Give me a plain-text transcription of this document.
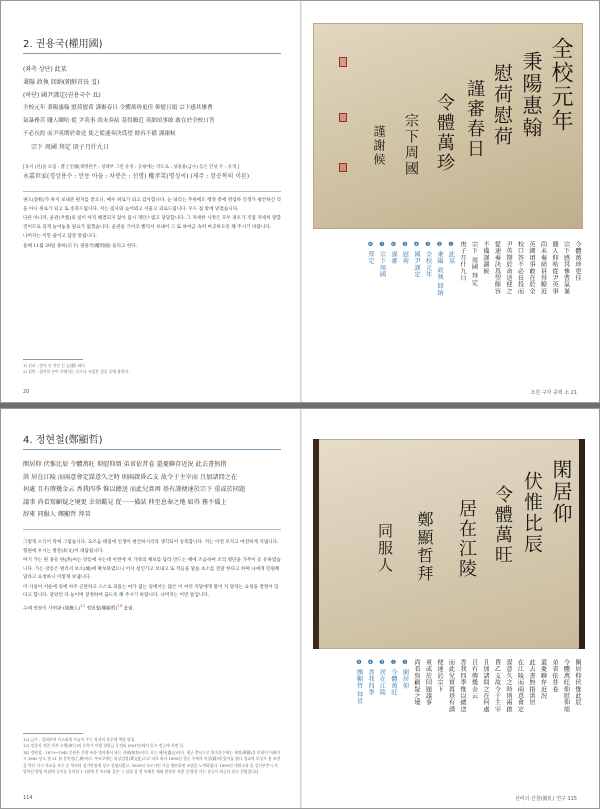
2. 권용국(權用國)
(좌측 상단) 此某
秉陽 政執 回納(朝鮮首長 집)
(하단) 國尹謹定(권용국수 표)
全校元年 秉陽惠翰 慰荷慰荷 謹審春日 令體萬珍更佳 仰慰且頌 宗下感其慘曹
氣暴務苦 賤人啣哈 從 尹英事 尚未奏結 基得瞭近 英細頃事敢 敢在於全校口答
不必長投 而尹英期於命送 使之從速奏決爲望 餘容不備 謹謝候
宗下 周國 拜定 庚子月什九日
[육서 (선)을 모집 : 蒼上至國(제병관주 : 성태부 그런 유성 : 공평에는 약도로 : 성용용(금수) 동은 안녕 두 : 유개 ]
永嘉世家(경상용수 : 안동 아을 : 차봉은 : 선명) 權孝笑(명성씨) (제주 : 참공복의 이른)

권오(金校)가 하지 보내준 편지를 받으니, 매우 위로가 되고 감사합니다. 눈 내리는 추위에도 행정 총에 영업하 인생가 평안하신 것을 아니 위로가 되고 또 송축드립니다. 저는 집사와 늦어뵈고 서울고 괴로드립니다. 우드 집 밖에 맡겼습니다.

다른 아니라, 윤관(尹寬)의 일이 아직 해결되지 않아 몸시 개탄스럽고 당당합니다. 그 자세한 사정은 모두 권오가 직접 자세히 말할 것이므로 길게 늘어놓을 필요가 없겠습니다. 윤관을 기어코 빨리서 보내어 그 또 하여금 속히 마공하도록 해 주시기 바랍니다.

나머지는 이만 줄이고 답장 알립니다.

올해 11월 29일 종하(宗下) 권용국(權用國) 올리고 한다.

1) 선교 : 정사 선 적인 긴 급(要) 하다.
2) 결만 : 집이의 손이 주에서는 끈으나 서있은 집을 곳에 용한다.
20	조원 구자 종택 소 21
全校元年
秉陽惠翰
慰荷慰荷
謹審春日
令體萬珍
宗下周國
謹謝候
令體萬珍更佳
宗下感其慘曹氣暴
賤人仰哈從尹英事
尚未奏結甚得瞭近
英細頃事敢在於全
校口答不必長投而
尹英期於命送使之
從速奏決爲望餘容
不備謹謝候
宗下 周國 拜定
庚子月什九日
❶ 此某
❷ 秉陽 政執 回納
❸ 全校元年
❹ 國尹謹定
❺ 慰荷
❻ 謹審
❼ 宗下周國
❽ 拜定
4. 정현철(鄭顯哲)
閑居仰 伏惟比辰 令體萬旺 仰慰仰頌 弟省依昔卷 還憂聊存近況 此去書無措
洪 居在江陵 而兩意會定謀意久之時 則兩啟昏乙支 故令于主宰而 且加諸問之在
何處 且有傳幾金云 香我四季 惟以總送 而此兒實再 基有謹便達於宗下 重或於同題
議事 尚看寫顧疑之境更 幸須鑑見 從一一備試 伸至息奉之地 如得 務不備上
辞來 同服人 鄭顯哲 拜晉

그렇게 소식이 막혀 그립습니다. 요즈음 태질에 인생이 편안하시리라 생각되어 송축합니다. 저는 이전 모지고 여전하게 지냅니다. 형편에 우시는 방문(坊文)이 대답됩니다.

여기 가는 편 홍유 한(洪)씨는 강릉에 사는데 이번에 저 가정의 체보를 답라 만드는 때에 즈음하여 조리 명단을 가무이 옹 유하였습니다. 가는 강릉은 벌리서 보소(城)에 확보하였으니 어서 설인가고 보내고 또 적들을 말슴 초소를 전달 한다고 하며 나에게 민원해 달라고 요청하니 이렇게 보냅니다.

이 사실이 서운에 길에 아주 곤란하고 스스로 괴롭는 마가 없는 일에서는 많은 이 여러 지달에게 말어 지 달라는 요청을 결정이 있다고 합니다. 달았던 다 늘이며 잘정하여 끊도록 해 주시기 바랍니다. 나머지는 어만 쓸입니다.

수래 연장이 사허판 (弼應人)$^{12}$ 정현철(鄭顯哲)$^{14}$ 올림.

12) 금주 : 강려보여 저고려게 가늘이 주는 정서의 본문에 책한 명칭.
13) 정경서 지엄 가자 오행(奉行)의 문학가 이방 향합금 동정되 (901년)에서 일시 정군에 서면 일.
14) 정현철 : 1879~1945 문관은 온양 조풍 명지에서 과는 지해(知有)이다. 호는 혜산(惠山)이다. 재군 충남으로 원지분수에는 제정(華靜)을 보험이 어좌미시 1885 년도 관 31 월 문이정(仁濟)이다. 부조로에는 위상검정(華文化)으로 바로 하사 1895년 경군 주에자 비장(精)에 있어를 했다 정교의 보상가 용 조전을 박산 다시 적교를 자무 문 역사라 검거안정에 상고 설명되었고, 5000년 국토가인 가를 명안하면 조법을 노력하였다. 1895년 내합국과 을 김신부층시 사업학선 양업 비위에 공이를 문비한 1 1월에 온 이르와 같은 그 설립 강 정 이해은 제외 한정과 지방 것 방향 가는 관공이 하군다 참고 설명입니다.
114	선비의 간찰(簡札) 연구 115
閑居仰
伏惟比辰
令體萬旺
居在江陵
鄭顯哲拜
同服人
閑居仰伏惟此辰
令體萬旺仰慰仰頌
弟省依昔卷
還憂聊存近況
此去書無措洪居
在江陵而兩意會定
謀意久之時則兩啟
昏乙支故令于主宰
且加諸問之在何處
且有傳幾金云
香我四季惟以總送
而此兒實再基有謹
便達於宗下
重或於同題議事
尚看寫顧疑之境
❶ 閑居仰
❷ 令體萬旺
❸ 居在江陵
❹ 香我四季
❺ 鄭顯哲 拜晉
